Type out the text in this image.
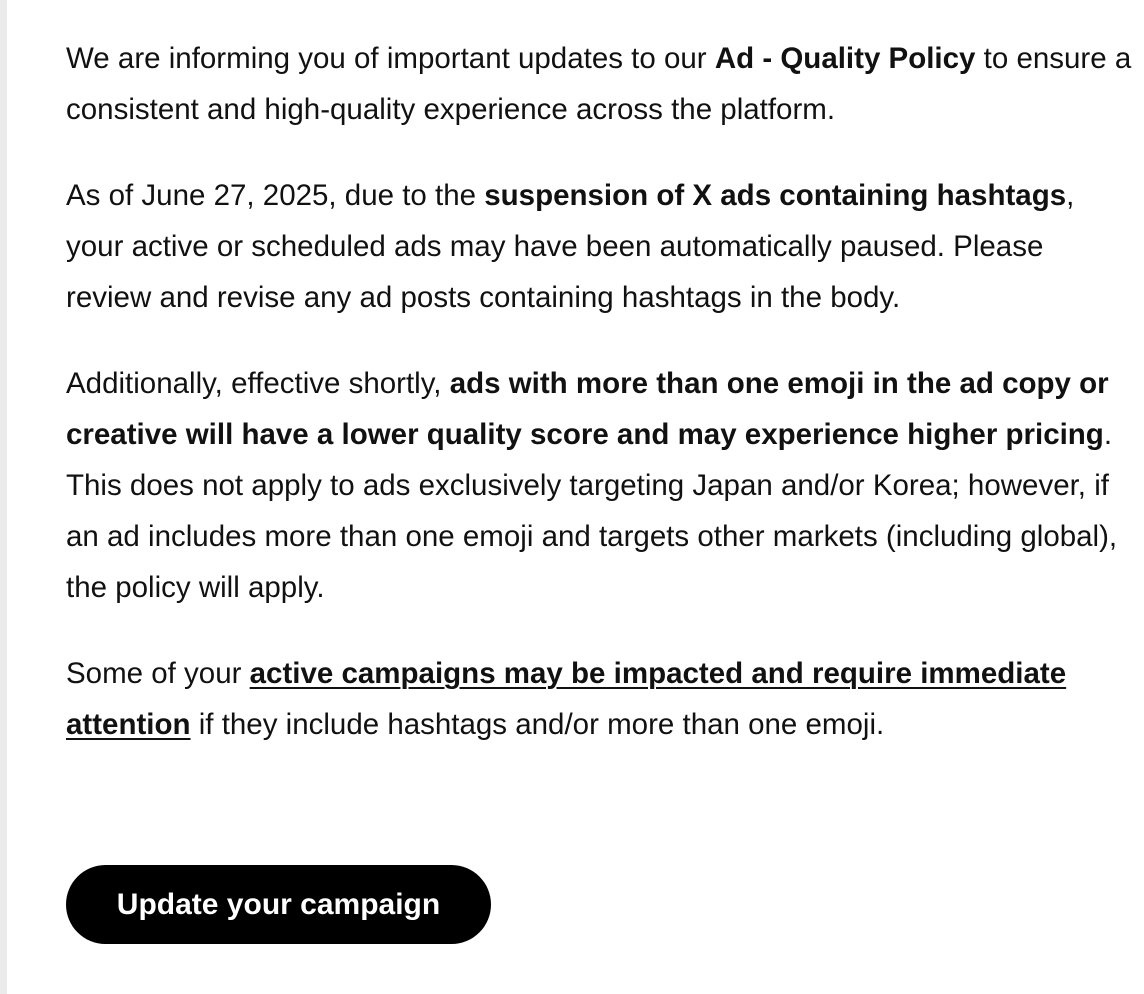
We are informing you of important updates to our Ad - Quality Policy to ensure a consistent and high-quality experience across the platform.

As of June 27, 2025, due to the suspension of X ads containing hashtags, your active or scheduled ads may have been automatically paused. Please review and revise any ad posts containing hashtags in the body.

Additionally, effective shortly, ads with more than one emoji in the ad copy or creative will have a lower quality score and may experience higher pricing. This does not apply to ads exclusively targeting Japan and/or Korea; however, if an ad includes more than one emoji and targets other markets (including global), the policy will apply.

Some of your active campaigns may be impacted and require immediate attention if they include hashtags and/or more than one emoji.

Update your campaign
